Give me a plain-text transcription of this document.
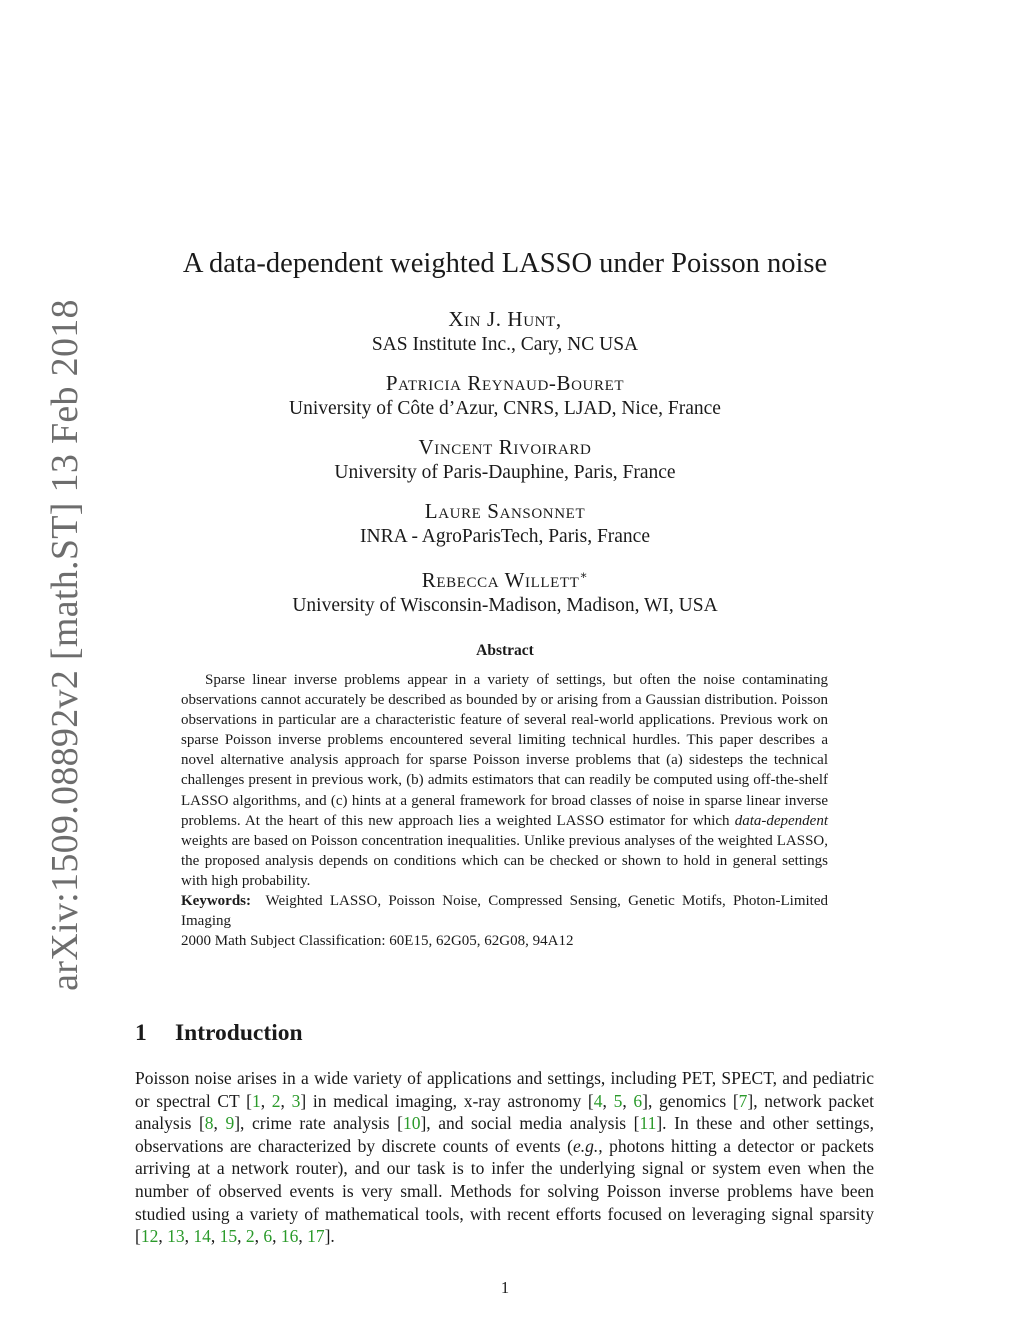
arXiv:1509.08892v2 [math.ST] 13 Feb 2018
A data-dependent weighted LASSO under Poisson noise
Xin J. Hunt,
SAS Institute Inc., Cary, NC USA
Patricia Reynaud-Bouret
University of Côte d’Azur, CNRS, LJAD, Nice, France
Vincent Rivoirard
University of Paris-Dauphine, Paris, France
Laure Sansonnet
INRA - AgroParisTech, Paris, France
Rebecca Willett∗
University of Wisconsin-Madison, Madison, WI, USA
Abstract

Sparse linear inverse problems appear in a variety of settings, but often the noise contaminating observations cannot accurately be described as bounded by or arising from a Gaussian distribution. Poisson observations in particular are a characteristic feature of several real-world applications. Previous work on sparse Poisson inverse problems encountered several limiting technical hurdles. This paper describes a novel alternative analysis approach for sparse Poisson inverse problems that (a) sidesteps the technical challenges present in previous work, (b) admits estimators that can readily be computed using off-the-shelf LASSO algorithms, and (c) hints at a general framework for broad classes of noise in sparse linear inverse problems. At the heart of this new approach lies a weighted LASSO estimator for which data-dependent weights are based on Poisson concentration inequalities. Unlike previous analyses of the weighted LASSO, the proposed analysis depends on conditions which can be checked or shown to hold in general settings with high probability.

Keywords: Weighted LASSO, Poisson Noise, Compressed Sensing, Genetic Motifs, Photon-Limited Imaging
2000 Math Subject Classification: 60E15, 62G05, 62G08, 94A12
1 Introduction

Poisson noise arises in a wide variety of applications and settings, including PET, SPECT, and pediatric or spectral CT [1, 2, 3] in medical imaging, x-ray astronomy [4, 5, 6], genomics [7], network packet analysis [8, 9], crime rate analysis [10], and social media analysis [11]. In these and other settings, observations are characterized by discrete counts of events (e.g., photons hitting a detector or packets arriving at a network router), and our task is to infer the underlying signal or system even when the number of observed events is very small. Methods for solving Poisson inverse problems have been studied using a variety of mathematical tools, with recent efforts focused on leveraging signal sparsity [12, 13, 14, 15, 2, 6, 16, 17].

1
